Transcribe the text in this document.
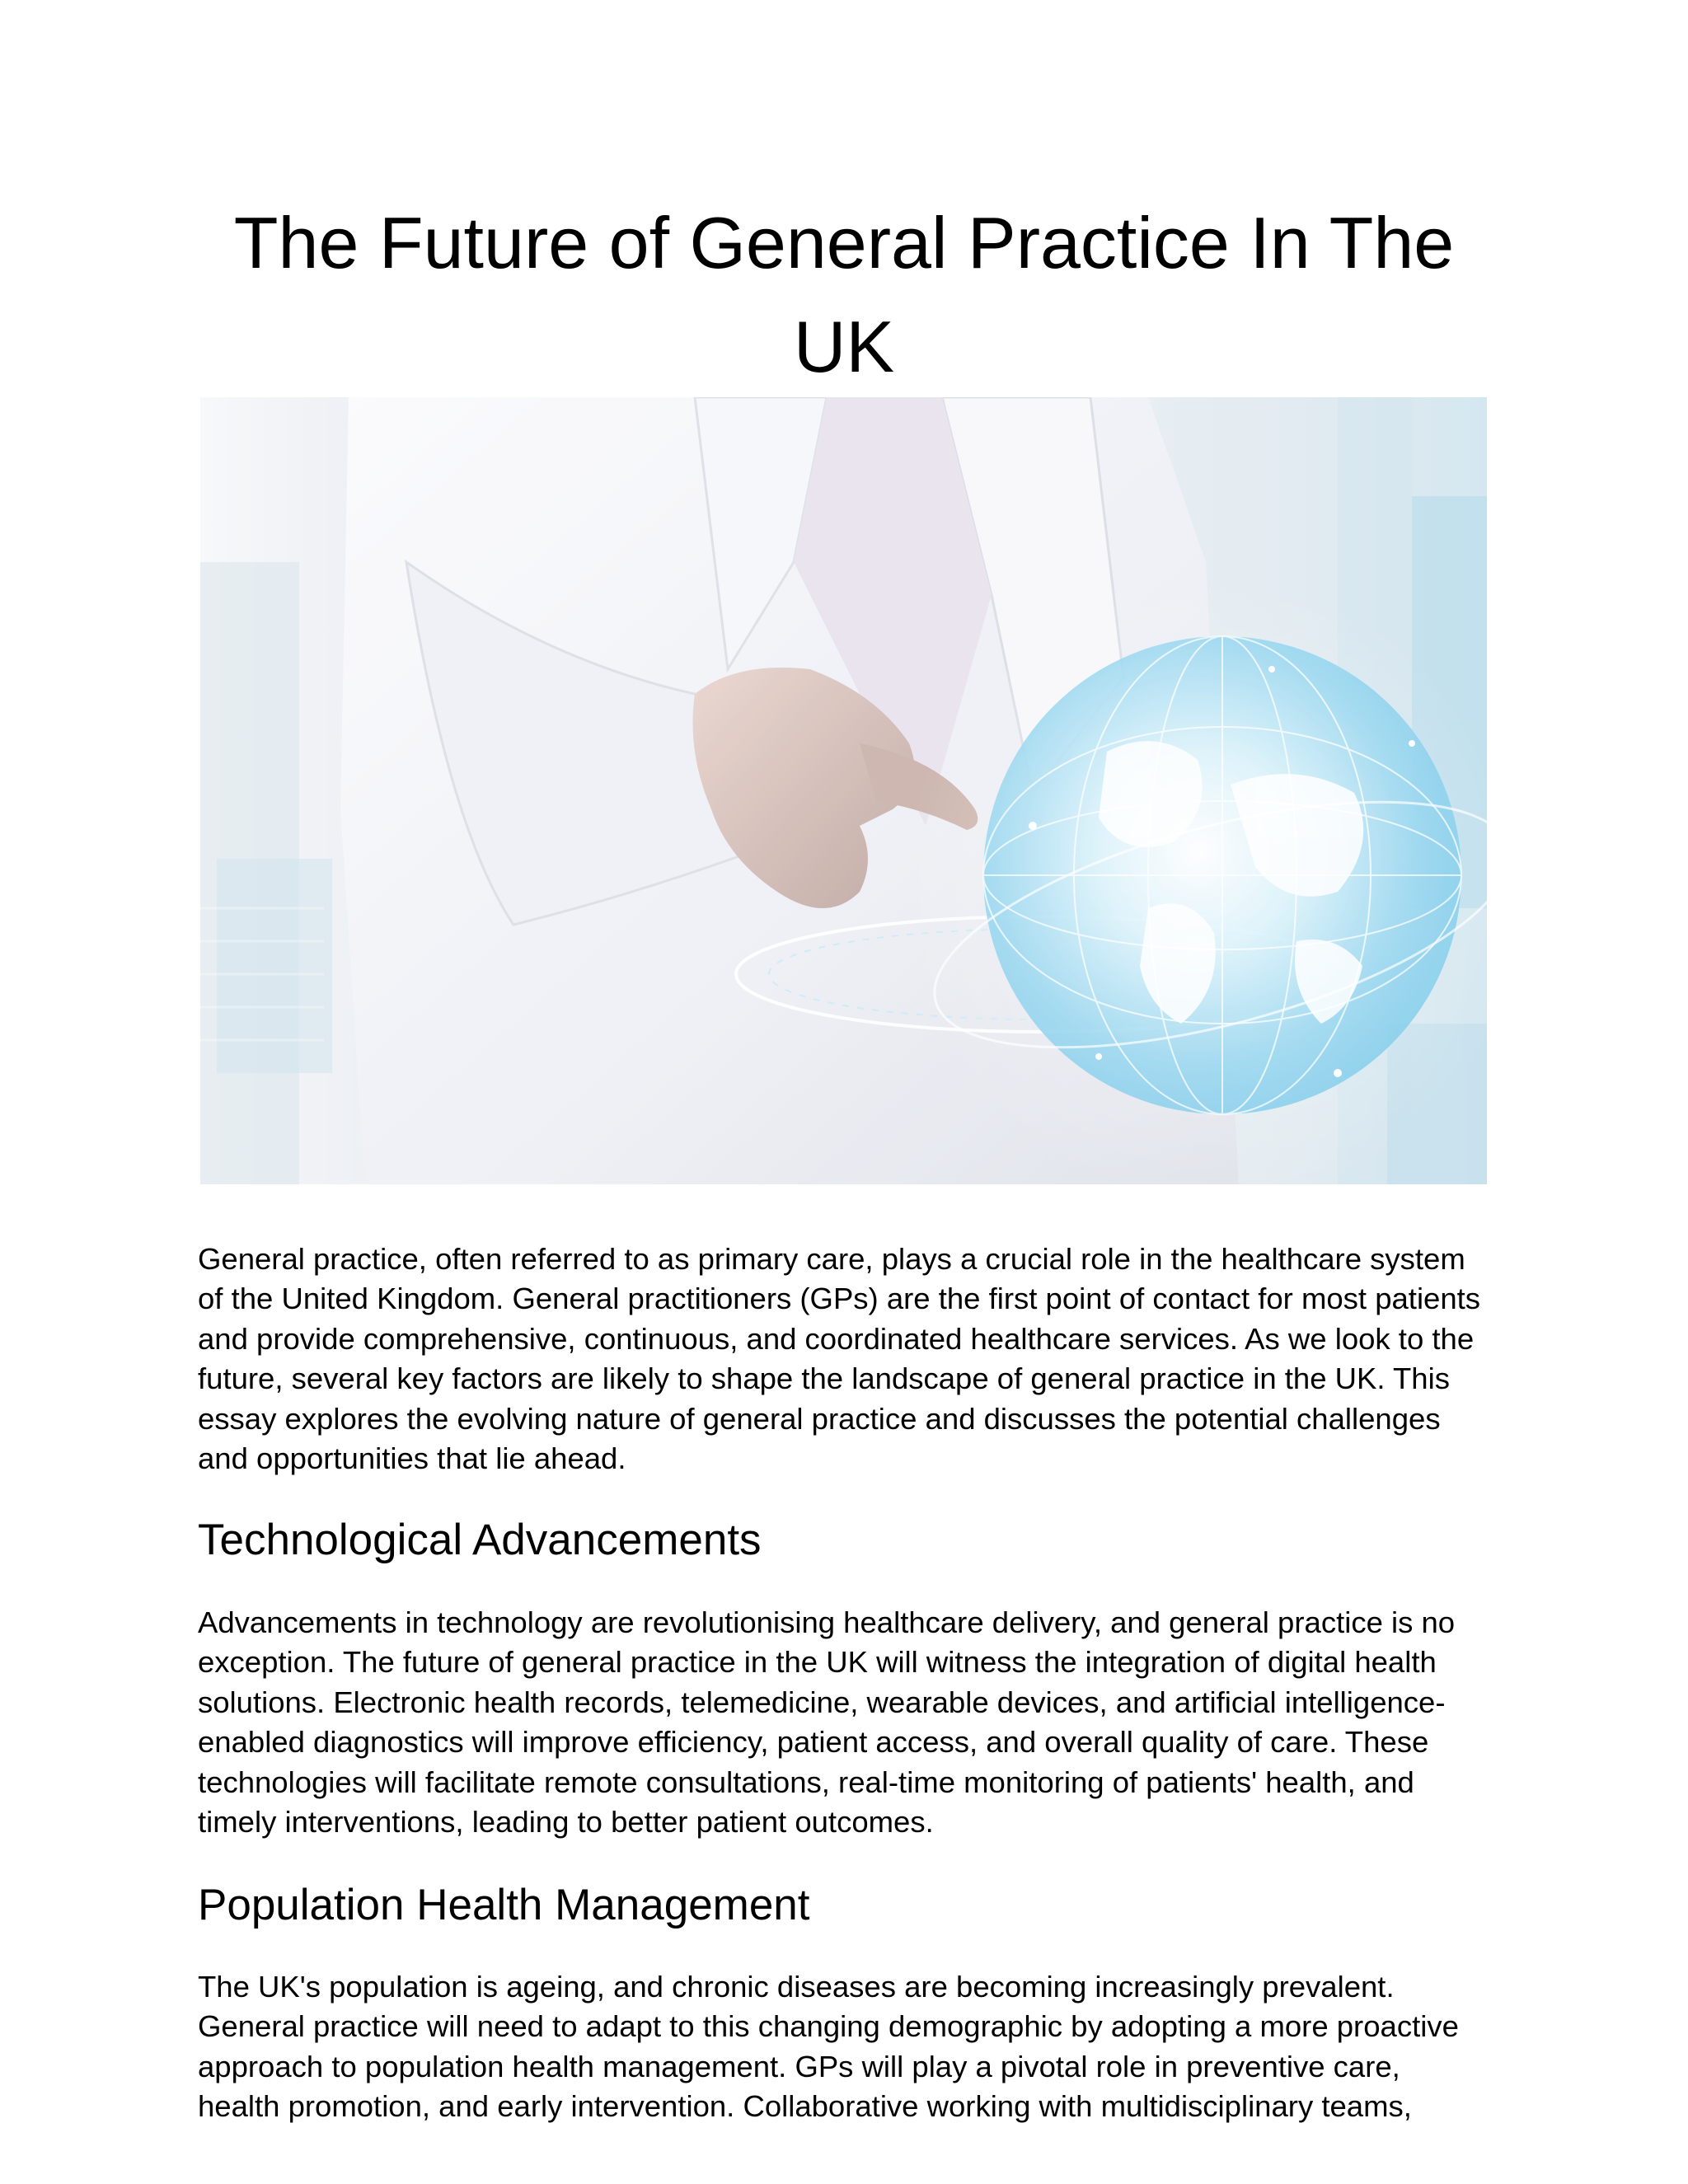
The Future of General Practice In The UK

General practice, often referred to as primary care, plays a crucial role in the healthcare system of the United Kingdom. General practitioners (GPs) are the first point of contact for most patients and provide comprehensive, continuous, and coordinated healthcare services. As we look to the future, several key factors are likely to shape the landscape of general practice in the UK. This essay explores the evolving nature of general practice and discusses the potential challenges and opportunities that lie ahead.

Technological Advancements

Advancements in technology are revolutionising healthcare delivery, and general practice is no exception. The future of general practice in the UK will witness the integration of digital health solutions. Electronic health records, telemedicine, wearable devices, and artificial intelligence-enabled diagnostics will improve efficiency, patient access, and overall quality of care. These technologies will facilitate remote consultations, real-time monitoring of patients' health, and timely interventions, leading to better patient outcomes.

Population Health Management

The UK's population is ageing, and chronic diseases are becoming increasingly prevalent. General practice will need to adapt to this changing demographic by adopting a more proactive approach to population health management. GPs will play a pivotal role in preventive care, health promotion, and early intervention. Collaborative working with multidisciplinary teams,
